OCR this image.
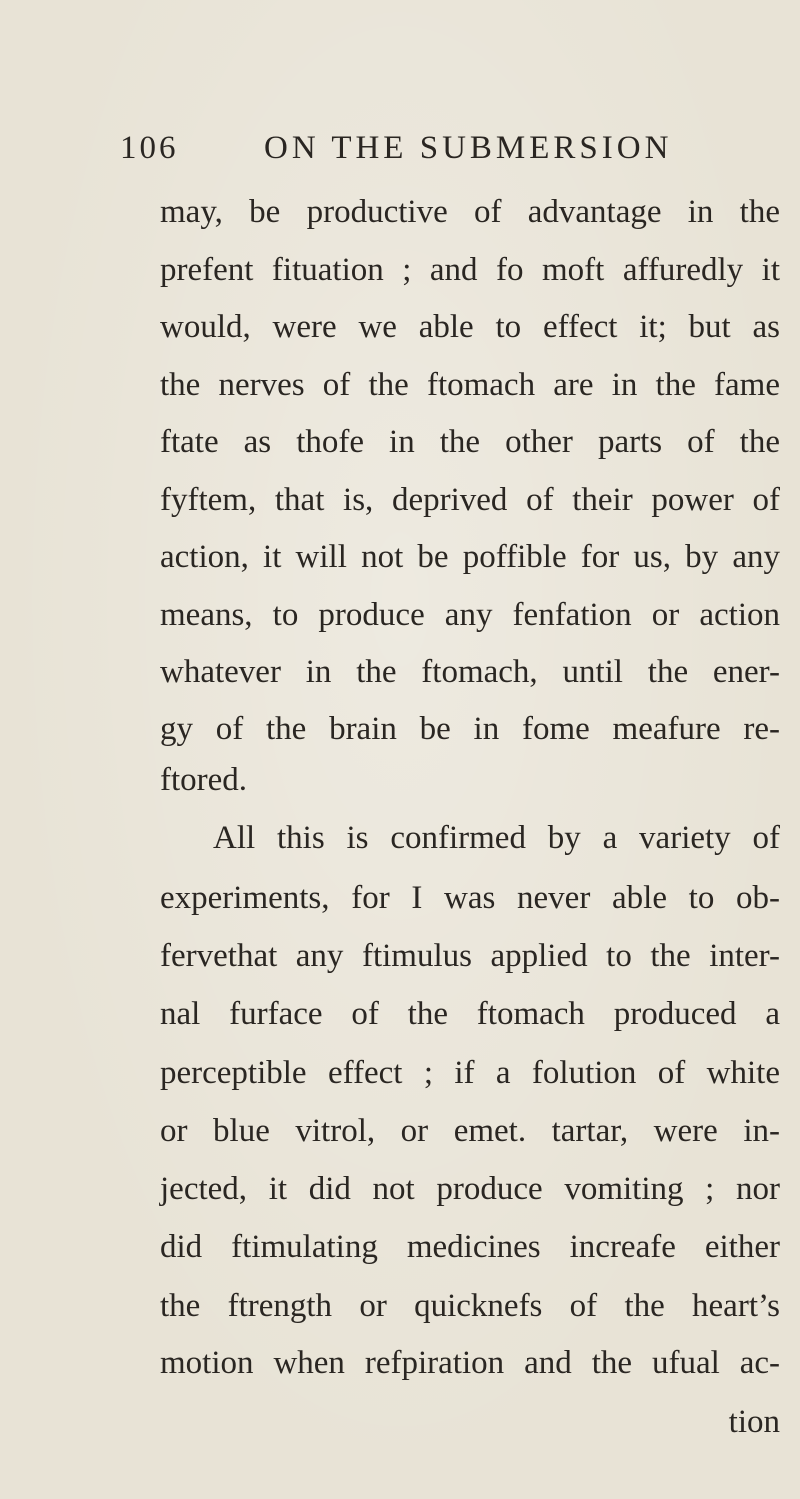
106	ON THE SUBMERSION
may, be productive of advantage in the
prefent fituation ; and fo moft affuredly it
would, were we able to effect it; but as
the nerves of the ftomach are in the fame
ftate as thofe in the other parts of the
fyftem, that is, deprived of their power of
action, it will not be poffible for us, by any
means, to produce any fenfation or action
whatever in the ftomach, until the ener-
gy of the brain be in fome meafure re-
ftored.
All this is confirmed by a variety of
experiments, for I was never able to ob-
fervethat any ftimulus applied to the inter-
nal furface of the ftomach produced a
perceptible effect ; if a folution of white
or blue vitrol, or emet. tartar, were in-
jected, it did not produce vomiting ; nor
did ftimulating medicines increafe either
the ftrength or quicknefs of the heart’s
motion when refpiration and the ufual ac-
tion
